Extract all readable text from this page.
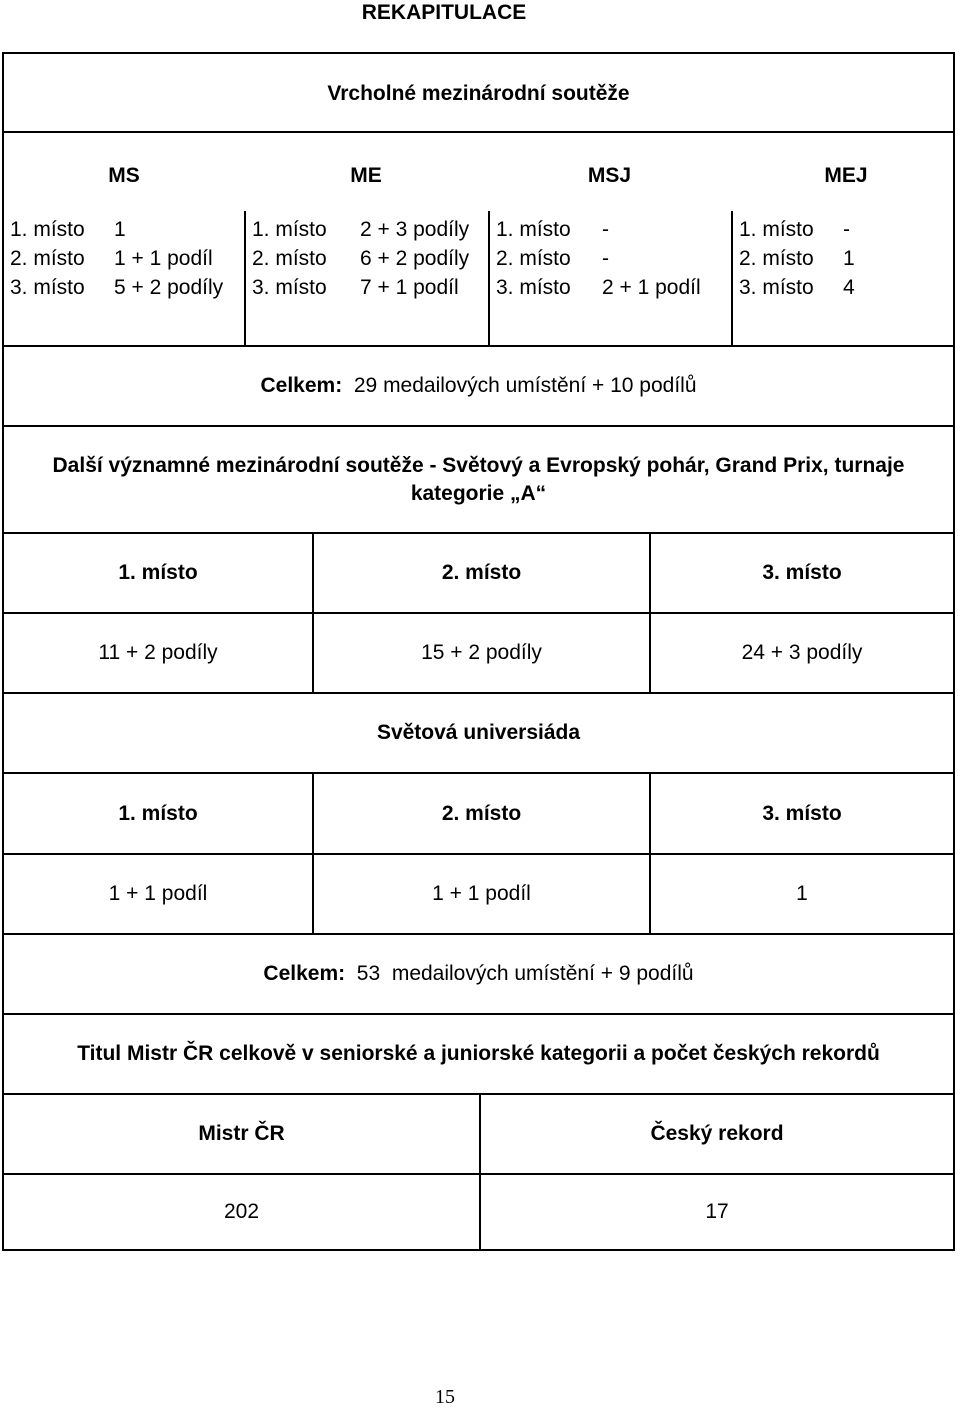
REKAPITULACE
Vrcholné mezinárodní soutěže
MS
1. místo 1
2. místo 1 + 1 podíl
3. místo 5 + 2 podíly
ME
1. místo 2 + 3 podíly
2. místo 6 + 2 podíly
3. místo 7 + 1 podíl
MSJ
1. místo -
2. místo -
3. místo 2 + 1 podíl
MEJ
1. místo -
2. místo 1
3. místo 4
Celkem:
29 medailových umístění + 10 podílů
Další významné mezinárodní soutěže - Světový a Evropský pohár, Grand Prix, turnaje kategorie „A“
1. místo	2. místo	3. místo
11 + 2 podíly	15 + 2 podíly	24 + 3 podíly
Světová universiáda
1. místo	2. místo	3. místo
1 + 1 podíl	1 + 1 podíl	1
Celkem:
53  medailových umístění + 9 podílů
Titul Mistr ČR celkově v seniorské a juniorské kategorii a počet českých rekordů
Mistr ČR	Český rekord
202	17
15
